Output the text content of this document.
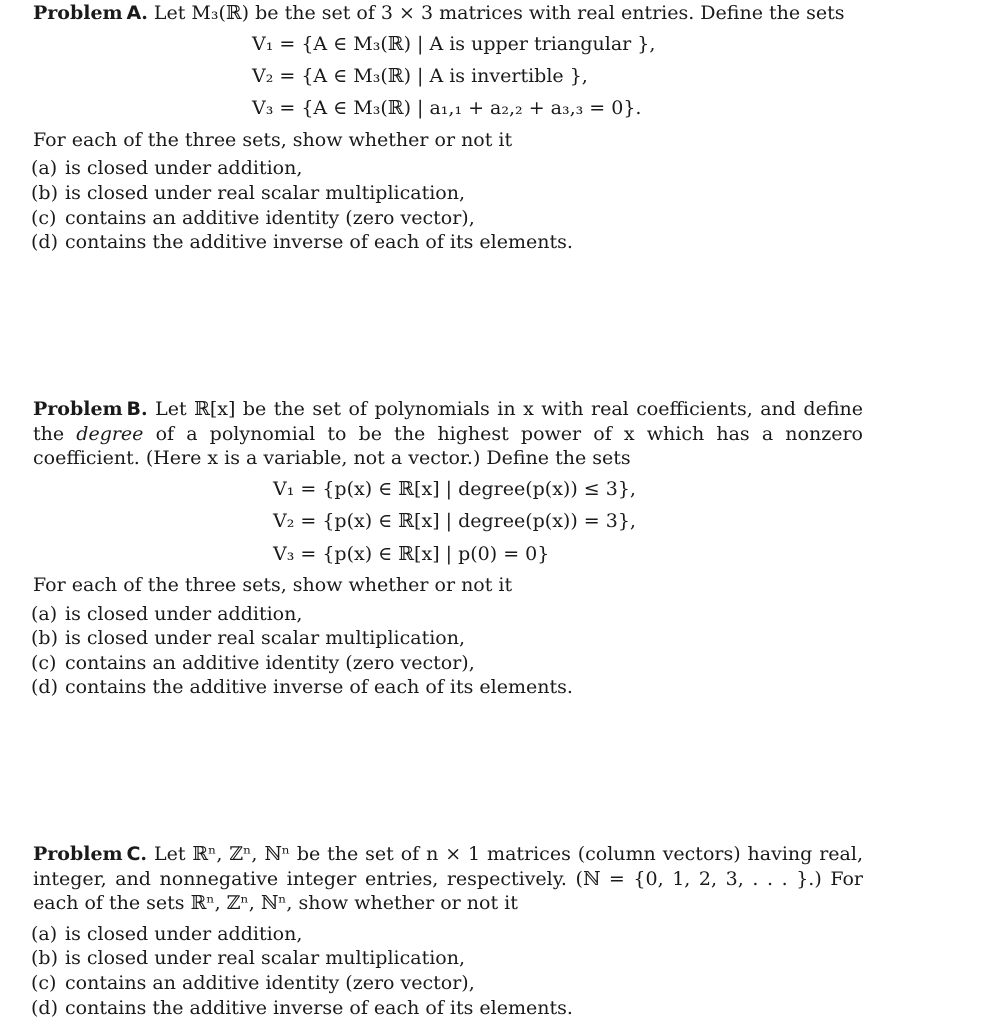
Problem  A. Let M₃(ℝ) be the set of 3 × 3 matrices with real entries. Define the sets
V₁ = {A ∈ M₃(ℝ) | A is upper triangular },
V₂ = {A ∈ M₃(ℝ) | A is invertible },
V₃ = {A ∈ M₃(ℝ) | a₁,₁ + a₂,₂ + a₃,₃ = 0}.
For each of the three sets, show whether or not it
(a) is closed under addition,
(b) is closed under real scalar multiplication,
(c) contains an additive identity (zero vector),
(d) contains the additive inverse of each of its elements.
Problem  B. Let ℝ[x] be the set of polynomials in x with real coefficients, and define the degree of a polynomial to be the highest power of x which has a nonzero coefficient. (Here x is a variable, not a vector.) Define the sets
V₁ = {p(x) ∈ ℝ[x] | degree(p(x)) ≤ 3},
V₂ = {p(x) ∈ ℝ[x] | degree(p(x)) = 3},
V₃ = {p(x) ∈ ℝ[x] | p(0) = 0}
For each of the three sets, show whether or not it
(a) is closed under addition,
(b) is closed under real scalar multiplication,
(c) contains an additive identity (zero vector),
(d) contains the additive inverse of each of its elements.
Problem  C. Let ℝⁿ, ℤⁿ, ℕⁿ be the set of n × 1 matrices (column vectors) having real, integer, and nonnegative integer entries, respectively. (ℕ = {0, 1, 2, 3, . . . }.) For each of the sets ℝⁿ, ℤⁿ, ℕⁿ, show whether or not it
(a) is closed under addition,
(b) is closed under real scalar multiplication,
(c) contains an additive identity (zero vector),
(d) contains the additive inverse of each of its elements.
